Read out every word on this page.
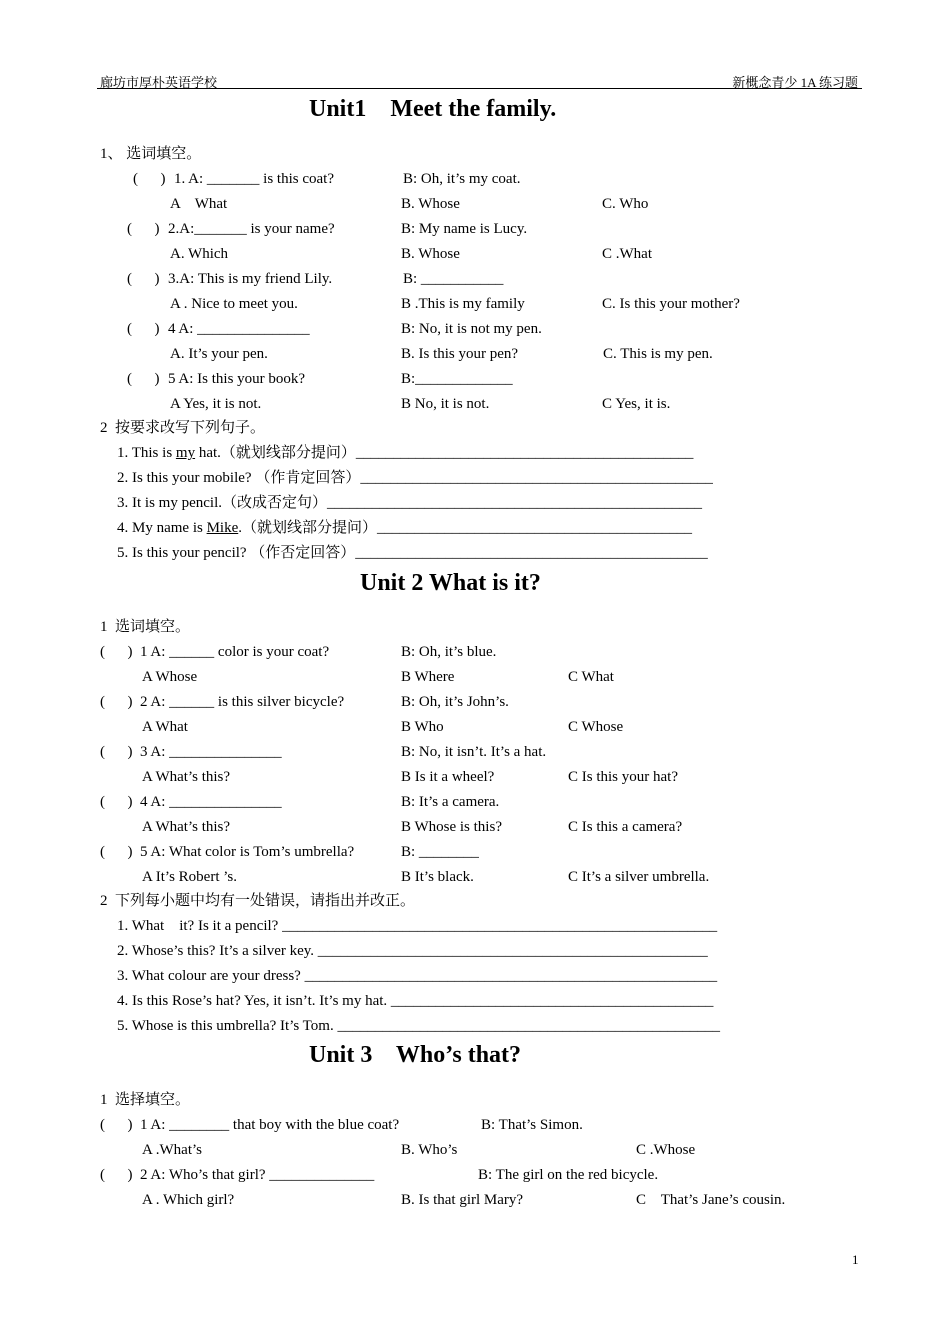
廊坊市厚朴英语学校	新概念青少 1A 练习题
Unit1    Meet the family.
1、 选词填空。
(      ) 1. A: _______ is this coat?	B: Oh, it’s my coat.
A    What	B. Whose	C. Who
(      ) 2.A:_______ is your name?	B: My name is Lucy.
A. Which	B. Whose	C .What
(      ) 3.A: This is my friend Lily.	B: ___________
A . Nice to meet you.	B .This is my family	C. Is this your mother?
(      ) 4 A: _______________	B: No, it is not my pen.
A. It’s your pen.	B. Is this your pen?	C. This is my pen.
(      ) 5 A: Is this your book?	B:_____________
A Yes, it is not.	B No, it is not.	C Yes, it is.
2  按要求改写下列句子。
1. This is my hat.（就划线部分提问）_____________________________________________
2. Is this your mobile? （作肯定回答）_______________________________________________
3. It is my pencil.（改成否定句）__________________________________________________
4. My name is Mike.（就划线部分提问）__________________________________________
5. Is this your pencil? （作否定回答）_______________________________________________
Unit 2 What is it?
1  选词填空。
(      ) 1 A: ______ color is your coat?	B: Oh, it’s blue.
A Whose	B Where	C What
(      ) 2 A: ______ is this silver bicycle?	B: Oh, it’s John’s.
A What	B Who	C Whose
(      ) 3 A: _______________	B: No, it isn’t. It’s a hat.
A What’s this?	B Is it a wheel?	C Is this your hat?
(      ) 4 A: _______________	B: It’s a camera.
A What’s this?	B Whose is this?	C Is this a camera?
(      ) 5 A: What color is Tom’s umbrella?	B: ________
A It’s Robert ’s.	B It’s black.	C It’s a silver umbrella.
2  下列每小题中均有一处错误，请指出并改正。
1. What    it? Is it a pencil? __________________________________________________________
2. Whose’s this? It’s a silver key. ____________________________________________________
3. What colour are your dress? _______________________________________________________
4. Is this Rose’s hat? Yes, it isn’t. It’s my hat. ___________________________________________
5. Whose is this umbrella? It’s Tom. ___________________________________________________
Unit 3    Who’s that?
1  选择填空。
(      ) 1 A: ________ that boy with the blue coat?	B: That’s Simon.
A .What’s	B. Who’s	C .Whose
(      ) 2 A: Who’s that girl? ______________	B: The girl on the red bicycle.
A . Which girl?	B. Is that girl Mary?	C    That’s Jane’s cousin.
1
